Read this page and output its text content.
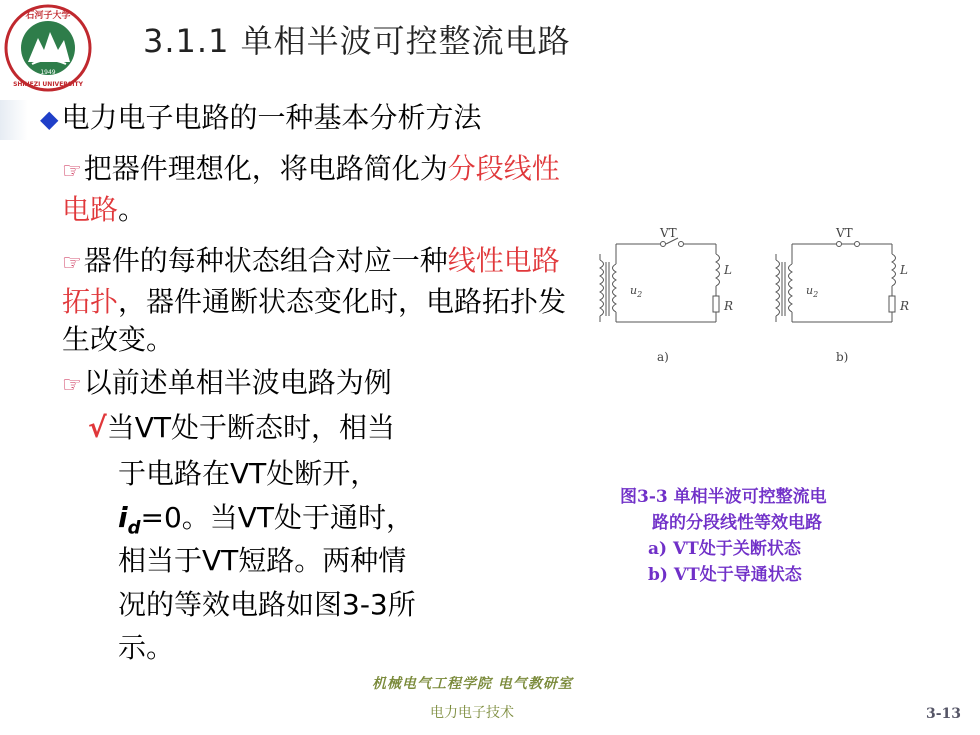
石河子大学
SHIHEZI UNIVERSITY
1949
3.1.1 单相半波可控整流电路
◆ 电力电子电路的一种基本分析方法
☞把器件理想化，将电路简化为分段线性电路。
☞器件的每种状态组合对应一种线性电路拓扑，器件通断状态变化时，电路拓扑发生改变。
☞以前述单相半波电路为例
√当VT处于断态时，相当
于电路在VT处断开，
$i_d=0$。当VT处于通时，
相当于VT短路。两种情
况的等效电路如图3-3所
示。
VT
$u_2$
L
R
a)
VT
$u_2$
L
R
b)
图3-3 单相半波可控整流电
路的分段线性等效电路
a) VT处于关断状态
b) VT处于导通状态
机械电气工程学院 电气教研室
电力电子技术	3-13
